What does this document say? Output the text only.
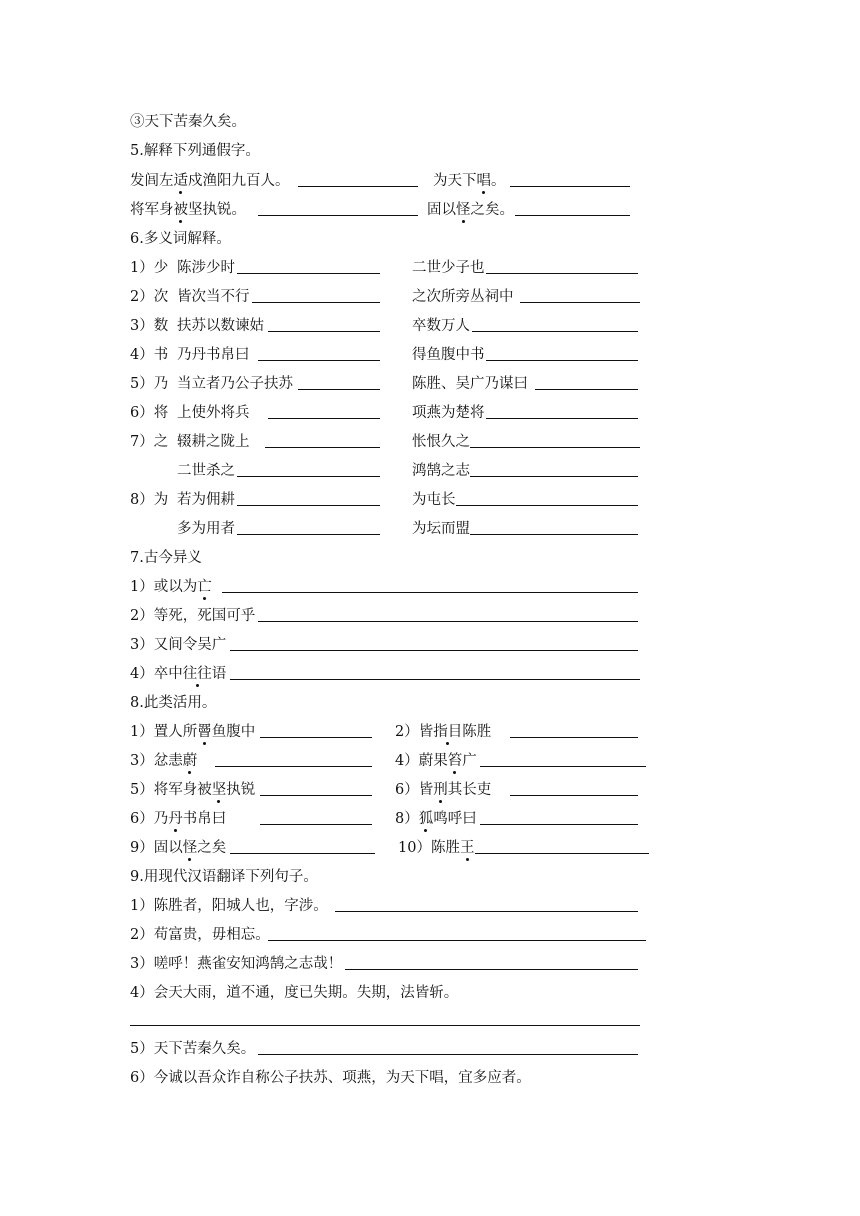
③天下苦秦久矣。
5.解释下列通假字。
发闾左适戍渔阳九百人。	为天下唱。
将军身被坚执锐。	固以怪之矣。
6.多义词解释。
1）少 陈涉少时	二世少子也
2）次 皆次当不行	之次所旁丛祠中
3）数 扶苏以数谏姑	卒数万人
4）书 乃丹书帛曰	得鱼腹中书
5）乃 当立者乃公子扶苏	陈胜、吴广乃谋曰
6）将 上使外将兵	项燕为楚将
7）之 辍耕之陇上	怅恨久之
二世杀之	鸿鹄之志
8）为 若为佣耕	为屯长
多为用者	为坛而盟
7.古今异义
1）或以为亡
2）等死，死国可乎
3）又间令吴广
4）卒中往往语
8.此类活用。
1）置人所罾鱼腹中	2）皆指目陈胜
3）忿恚蔚	4）蔚果笞广
5）将军身被坚执锐	6）皆刑其长吏
6）乃丹书帛曰	8）狐鸣呼曰
9）固以怪之矣	10）陈胜王
9.用现代汉语翻译下列句子。
1）陈胜者，阳城人也，字涉。
2）苟富贵，毋相忘。
3）嗟呼！燕雀安知鸿鹄之志哉！
4）会天大雨，道不通，度已失期。失期，法皆斩。
5）天下苦秦久矣。
6）今诚以吾众诈自称公子扶苏、项燕，为天下唱，宜多应者。
